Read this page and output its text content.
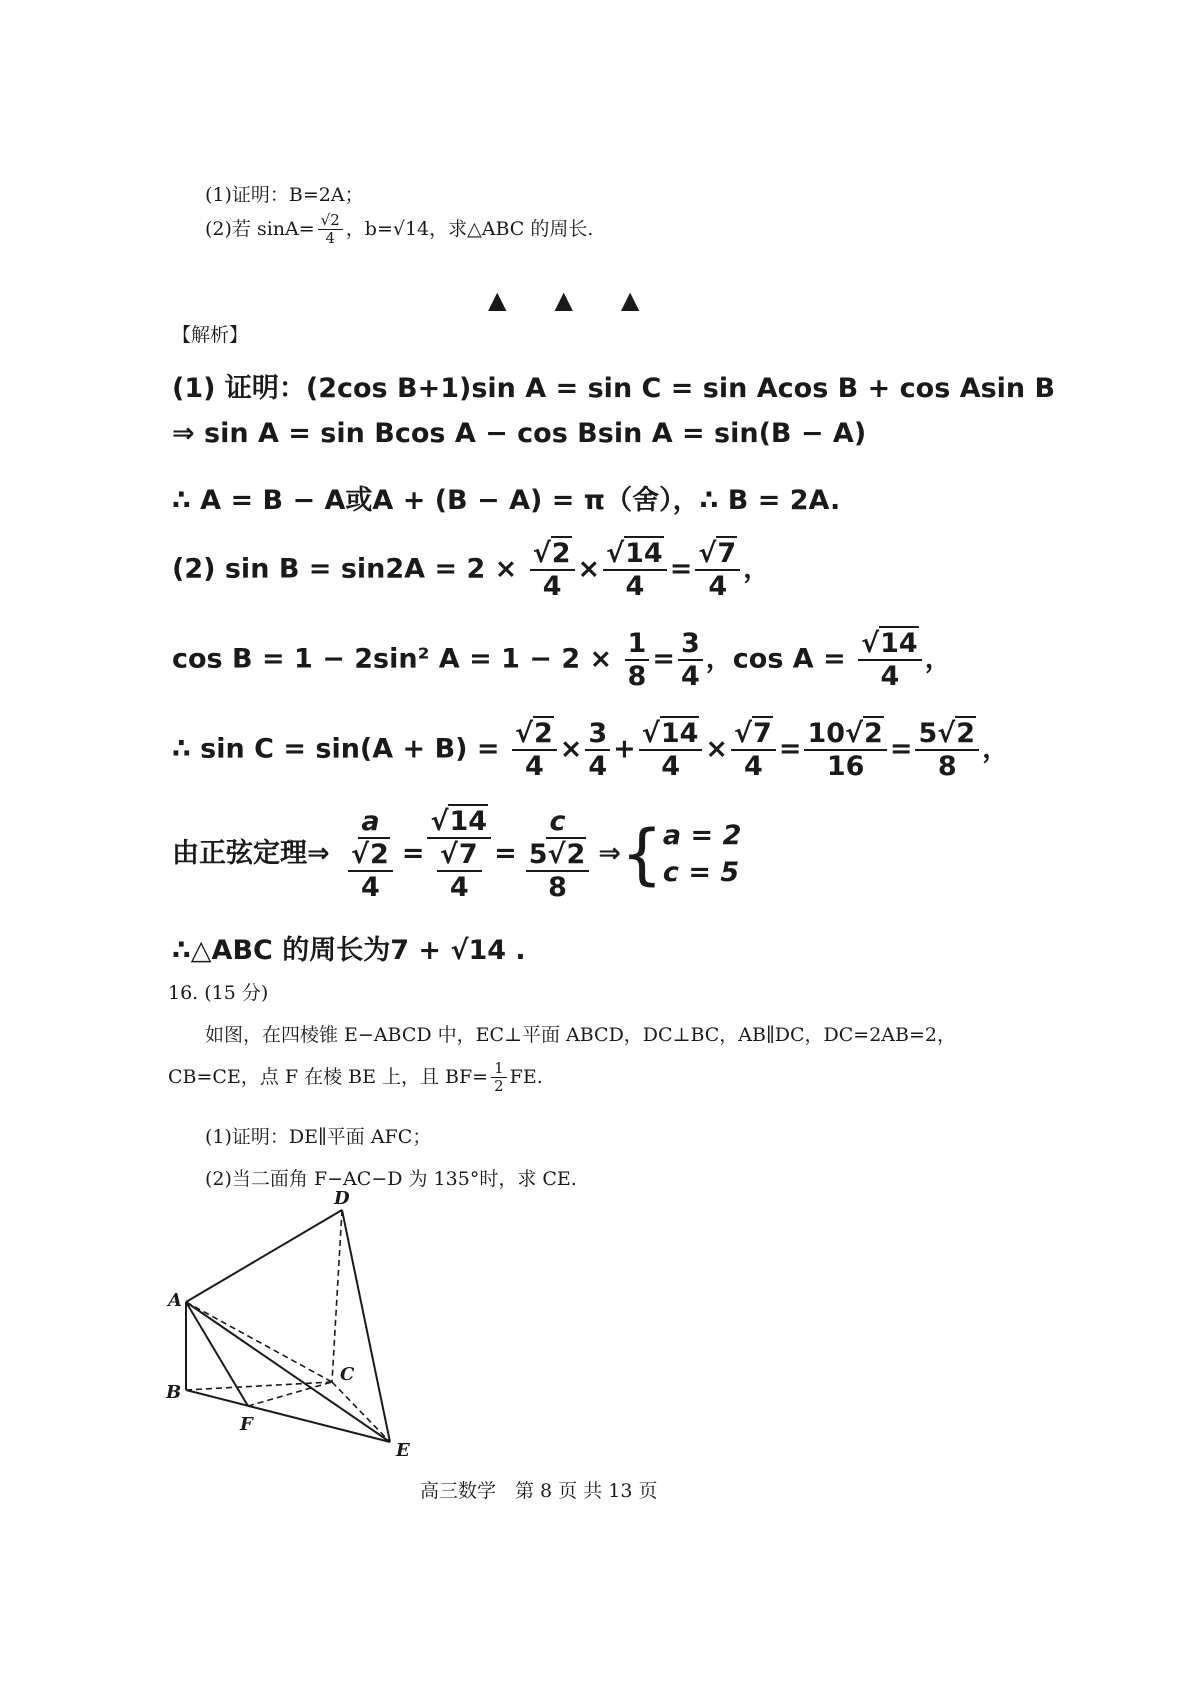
(1)证明：B=2A；
(2)若 $\sin A= \frac{√2}{4}$ ，b=√14，求△ABC 的周长.
▲　　▲　　▲
【解析】
(1) 证明：(2cos B+1)sin A = sin C = sin Acos B + cos Asin B
⇒ sin A = sin Bcos A − cos Bsin A = sin(B − A)
∴ A = B − A或A + (B − A) = π（舍），∴ B = 2A.
(2) $\sin B = \sin 2A = 2 \times \frac{√2}{4} \times \frac{√14}{4} = \frac{√7}{4}$ ，
cos B = 1 − 2sin² $A = 1 - 2 \times \frac{1}{8} = \frac{3}{4}$ ，$\cos A = \frac{√14}{4}$ ，
∴ $\sin C = \sin(A + B) = \frac{√2}{4} \times \frac{3}{4} + \frac{√14}{4} \times \frac{√7}{4} = \frac{10√2}{16} = \frac{5√2}{8}$ ，
由正弦定理⇒ $\frac{a}{\frac{√2}{4}} = \frac{√14}{\frac{√7}{4}} = \frac{c}{\frac{5√2}{8}}$ ⇒{ a = 2
c = 5
∴△ABC 的周长为7 + √14 .
16. (15 分)
如图，在四棱锥 E−ABCD 中，EC⊥平面 ABCD，DC⊥BC，AB∥DC，DC=2AB=2，
CB=CE，点 F 在棱 BE 上，且 $BF= \frac{1}{2}$ FE.
(1)证明：DE∥平面 AFC；
(2)当二面角 F−AC−D 为 135°时，求 CE.
D
A
B
C
F
E
高三数学　第 8 页 共 13 页
